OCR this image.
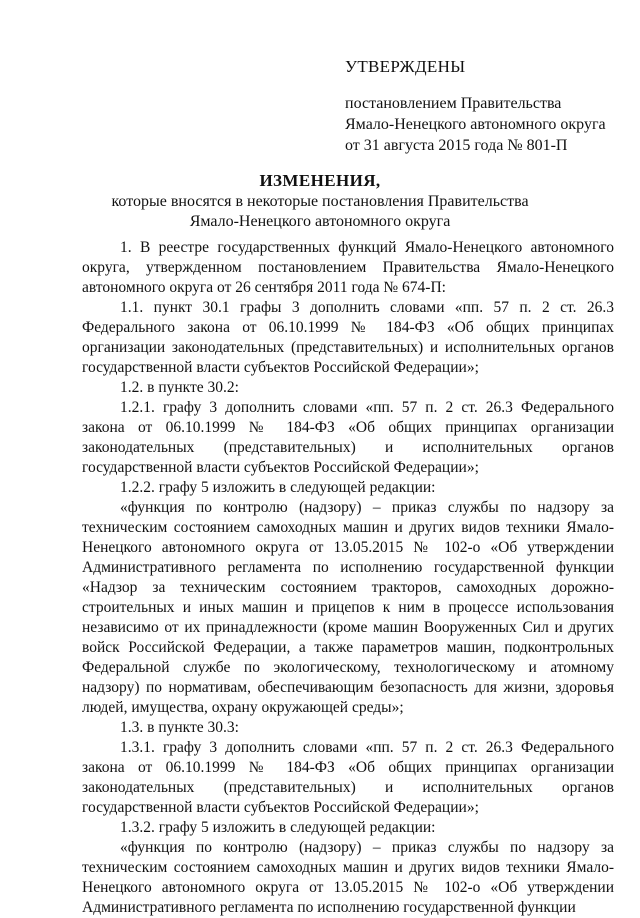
УТВЕРЖДЕНЫ
постановлением Правительства
Ямало-Ненецкого автономного округа
от 31 августа 2015 года № 801-П
ИЗМЕНЕНИЯ,
которые вносятся в некоторые постановления Правительства
Ямало-Ненецкого автономного округа

1. В реестре государственных функций Ямало-Ненецкого автономного округа, утвержденном постановлением Правительства Ямало-Ненецкого автономного округа от 26 сентября 2011 года № 674-П:

1.1. пункт 30.1 графы 3 дополнить словами «пп. 57 п. 2 ст. 26.3 Федерального закона от 06.10.1999 № 184-ФЗ «Об общих принципах организации законодательных (представительных) и исполнительных органов государственной власти субъектов Российской Федерации»;

1.2. в пункте 30.2:

1.2.1. графу 3 дополнить словами «пп. 57 п. 2 ст. 26.3 Федерального закона от 06.10.1999 № 184-ФЗ «Об общих принципах организации законодательных (представительных) и исполнительных органов государственной власти субъектов Российской Федерации»;

1.2.2. графу 5 изложить в следующей редакции:

«функция по контролю (надзору) – приказ службы по надзору за техническим состоянием самоходных машин и других видов техники Ямало-Ненецкого автономного округа от 13.05.2015 № 102-о «Об утверждении Административного регламента по исполнению государственной функции «Надзор за техническим состоянием тракторов, самоходных дорожно-строительных и иных машин и прицепов к ним в процессе использования независимо от их принадлежности (кроме машин Вооруженных Сил и других войск Российской Федерации, а также параметров машин, подконтрольных Федеральной службе по экологическому, технологическому и атомному надзору) по нормативам, обеспечивающим безопасность для жизни, здоровья людей, имущества, охрану окружающей среды»;

1.3. в пункте 30.3:

1.3.1. графу 3 дополнить словами «пп. 57 п. 2 ст. 26.3 Федерального закона от 06.10.1999 № 184-ФЗ «Об общих принципах организации законодательных (представительных) и исполнительных органов государственной власти субъектов Российской Федерации»;

1.3.2. графу 5 изложить в следующей редакции:

«функция по контролю (надзору) – приказ службы по надзору за техническим состоянием самоходных машин и других видов техники Ямало-Ненецкого автономного округа от 13.05.2015 № 102-о «Об утверждении Административного регламента по исполнению государственной функции
